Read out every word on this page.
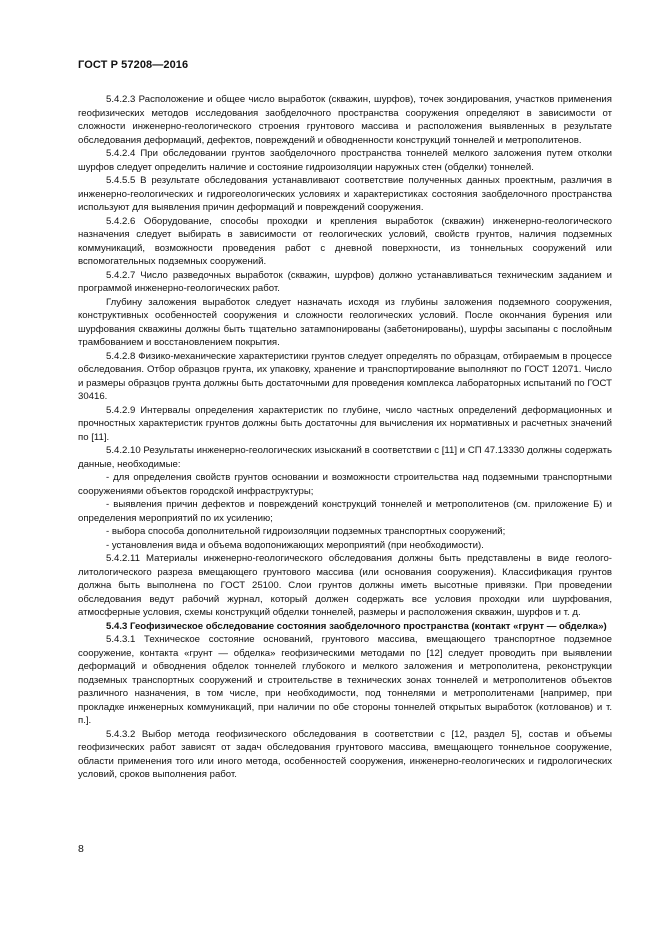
ГОСТ Р 57208—2016

5.4.2.3 Расположение и общее число выработок (скважин, шурфов), точек зондирования, участков применения геофизических методов исследования заобделочного пространства сооружения определяют в зависимости от сложности инженерно-геологического строения грунтового массива и расположения выявленных в результате обследования деформаций, дефектов, повреждений и обводненности конструкций тоннелей и метрополитенов.

5.4.2.4 При обследовании грунтов заобделочного пространства тоннелей мелкого заложения путем отколки шурфов следует определить наличие и состояние гидроизоляции наружных стен (обделки) тоннелей.

5.4.5.5 В результате обследования устанавливают соответствие полученных данных проектным, различия в инженерно-геологических и гидрогеологических условиях и характеристиках состояния заобделочного пространства используют для выявления причин деформаций и повреждений сооружения.

5.4.2.6 Оборудование, способы проходки и крепления выработок (скважин) инженерно-геологического назначения следует выбирать в зависимости от геологических условий, свойств грунтов, наличия подземных коммуникаций, возможности проведения работ с дневной поверхности, из тоннельных сооружений или вспомогательных подземных сооружений.

5.4.2.7 Число разведочных выработок (скважин, шурфов) должно устанавливаться техническим заданием и программой инженерно-геологических работ.

Глубину заложения выработок следует назначать исходя из глубины заложения подземного сооружения, конструктивных особенностей сооружения и сложности геологических условий. После окончания бурения или шурфования скважины должны быть тщательно затампонированы (забетонированы), шурфы засыпаны с послойным трамбованием и восстановлением покрытия.

5.4.2.8 Физико-механические характеристики грунтов следует определять по образцам, отбираемым в процессе обследования. Отбор образцов грунта, их упаковку, хранение и транспортирование выполняют по ГОСТ 12071. Число и размеры образцов грунта должны быть достаточными для проведения комплекса лабораторных испытаний по ГОСТ 30416.

5.4.2.9 Интервалы определения характеристик по глубине, число частных определений деформационных и прочностных характеристик грунтов должны быть достаточны для вычисления их нормативных и расчетных значений по [11].

5.4.2.10 Результаты инженерно-геологических изысканий в соответствии с [11] и СП 47.13330 должны содержать данные, необходимые:

- для определения свойств грунтов основании и возможности строительства над подземными транспортными сооружениями объектов городской инфраструктуры;

- выявления причин дефектов и повреждений конструкций тоннелей и метрополитенов (см. приложение Б) и определения мероприятий по их усилению;

- выбора способа дополнительной гидроизоляции подземных транспортных сооружений;

- установления вида и объема водопонижающих мероприятий (при необходимости).

5.4.2.11 Материалы инженерно-геологического обследования должны быть представлены в виде геолого-литологического разреза вмещающего грунтового массива (или основания сооружения). Классификация грунтов должна быть выполнена по ГОСТ 25100. Слои грунтов должны иметь высотные привязки. При проведении обследования ведут рабочий журнал, который должен содержать все условия проходки или шурфования, атмосферные условия, схемы конструкций обделки тоннелей, размеры и расположения скважин, шурфов и т. д.

5.4.3 Геофизическое обследование состояния заобделочного пространства (контакт «грунт — обделка»)

5.4.3.1 Техническое состояние оснований, грунтового массива, вмещающего транспортное подземное сооружение, контакта «грунт — обделка» геофизическими методами по [12] следует проводить при выявлении деформаций и обводнения обделок тоннелей глубокого и мелкого заложения и метрополитена, реконструкции подземных транспортных сооружений и строительстве в технических зонах тоннелей и метрополитенов объектов различного назначения, в том числе, при необходимости, под тоннелями и метрополитенами [например, при прокладке инженерных коммуникаций, при наличии по обе стороны тоннелей открытых выработок (котлованов) и т. п.].

5.4.3.2 Выбор метода геофизического обследования в соответствии с [12, раздел 5], состав и объемы геофизических работ зависят от задач обследования грунтового массива, вмещающего тоннельное сооружение, области применения того или иного метода, особенностей сооружения, инженерно-геологических и гидрологических условий, сроков выполнения работ.

8
